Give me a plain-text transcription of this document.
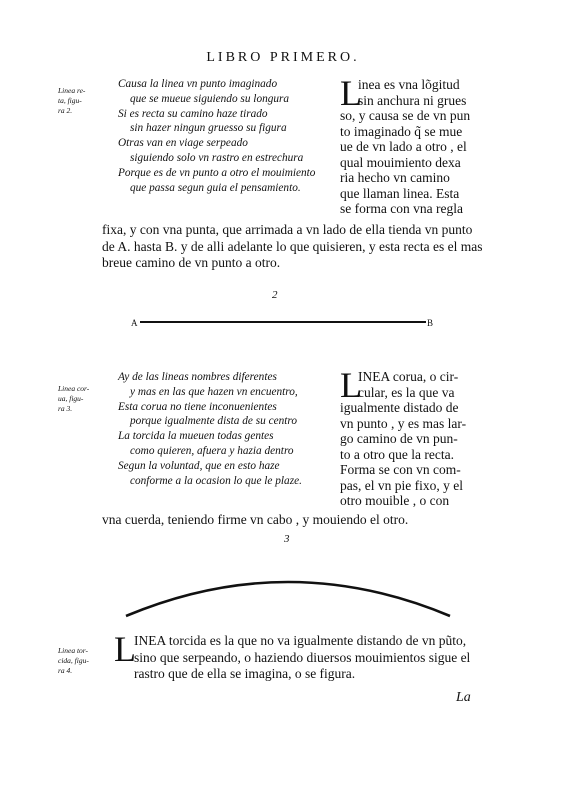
LIBRO PRIMERO.
Linea re-
ta, figu-
ra 2.
Causa la linea vn punto imaginado
que se mueue siguiendo su longura
Si es recta su camino haze tirado
sin hazer ningun gruesso su figura
Otras van en viage serpeado
siguiendo solo vn rastro en estrechura
Porque es de vn punto a otro el mouimiento
que passa segun guia el pensamiento.
L
inea es vna lõgitud
sin anchura ni grues
so, y causa se de vn pun
to imaginado q̃ se mue
ue de vn lado a otro , el
qual mouimiento dexa
ria hecho vn camino
que llaman linea. Esta
se forma con vna regla
fixa, y con vna punta, que arrimada a vn lado de ella tienda vn punto
de A. hasta B. y de alli adelante lo que quisieren, y esta recta es el mas
breue camino de vn punto a otro.
2
A	B
Linea cor-
ua, figu-
ra 3.
Ay de las lineas nombres diferentes
y mas en las que hazen vn encuentro,
Esta corua no tiene inconuenientes
porque igualmente dista de su centro
La torcida la mueuen todas gentes
como quieren, afuera y hazia dentro
Segun la voluntad, que en esto haze
conforme a la ocasion lo que le plaze.
L
INEA corua, o cir-
cular, es la que va
igualmente distado de
vn punto , y es mas lar-
go camino de vn pun-
to a otro que la recta.
Forma se con vn com-
pas, el vn pie fixo, y el
otro mouible , o con
vna cuerda, teniendo firme vn cabo , y mouiendo el otro.
3
Linea tor-
cida, figu-
ra 4.
L
INEA torcida es la que no va igualmente distando de vn pũto,
sino que serpeando, o haziendo diuersos mouimientos sigue el
rastro que de ella se imagina, o se figura.
La
